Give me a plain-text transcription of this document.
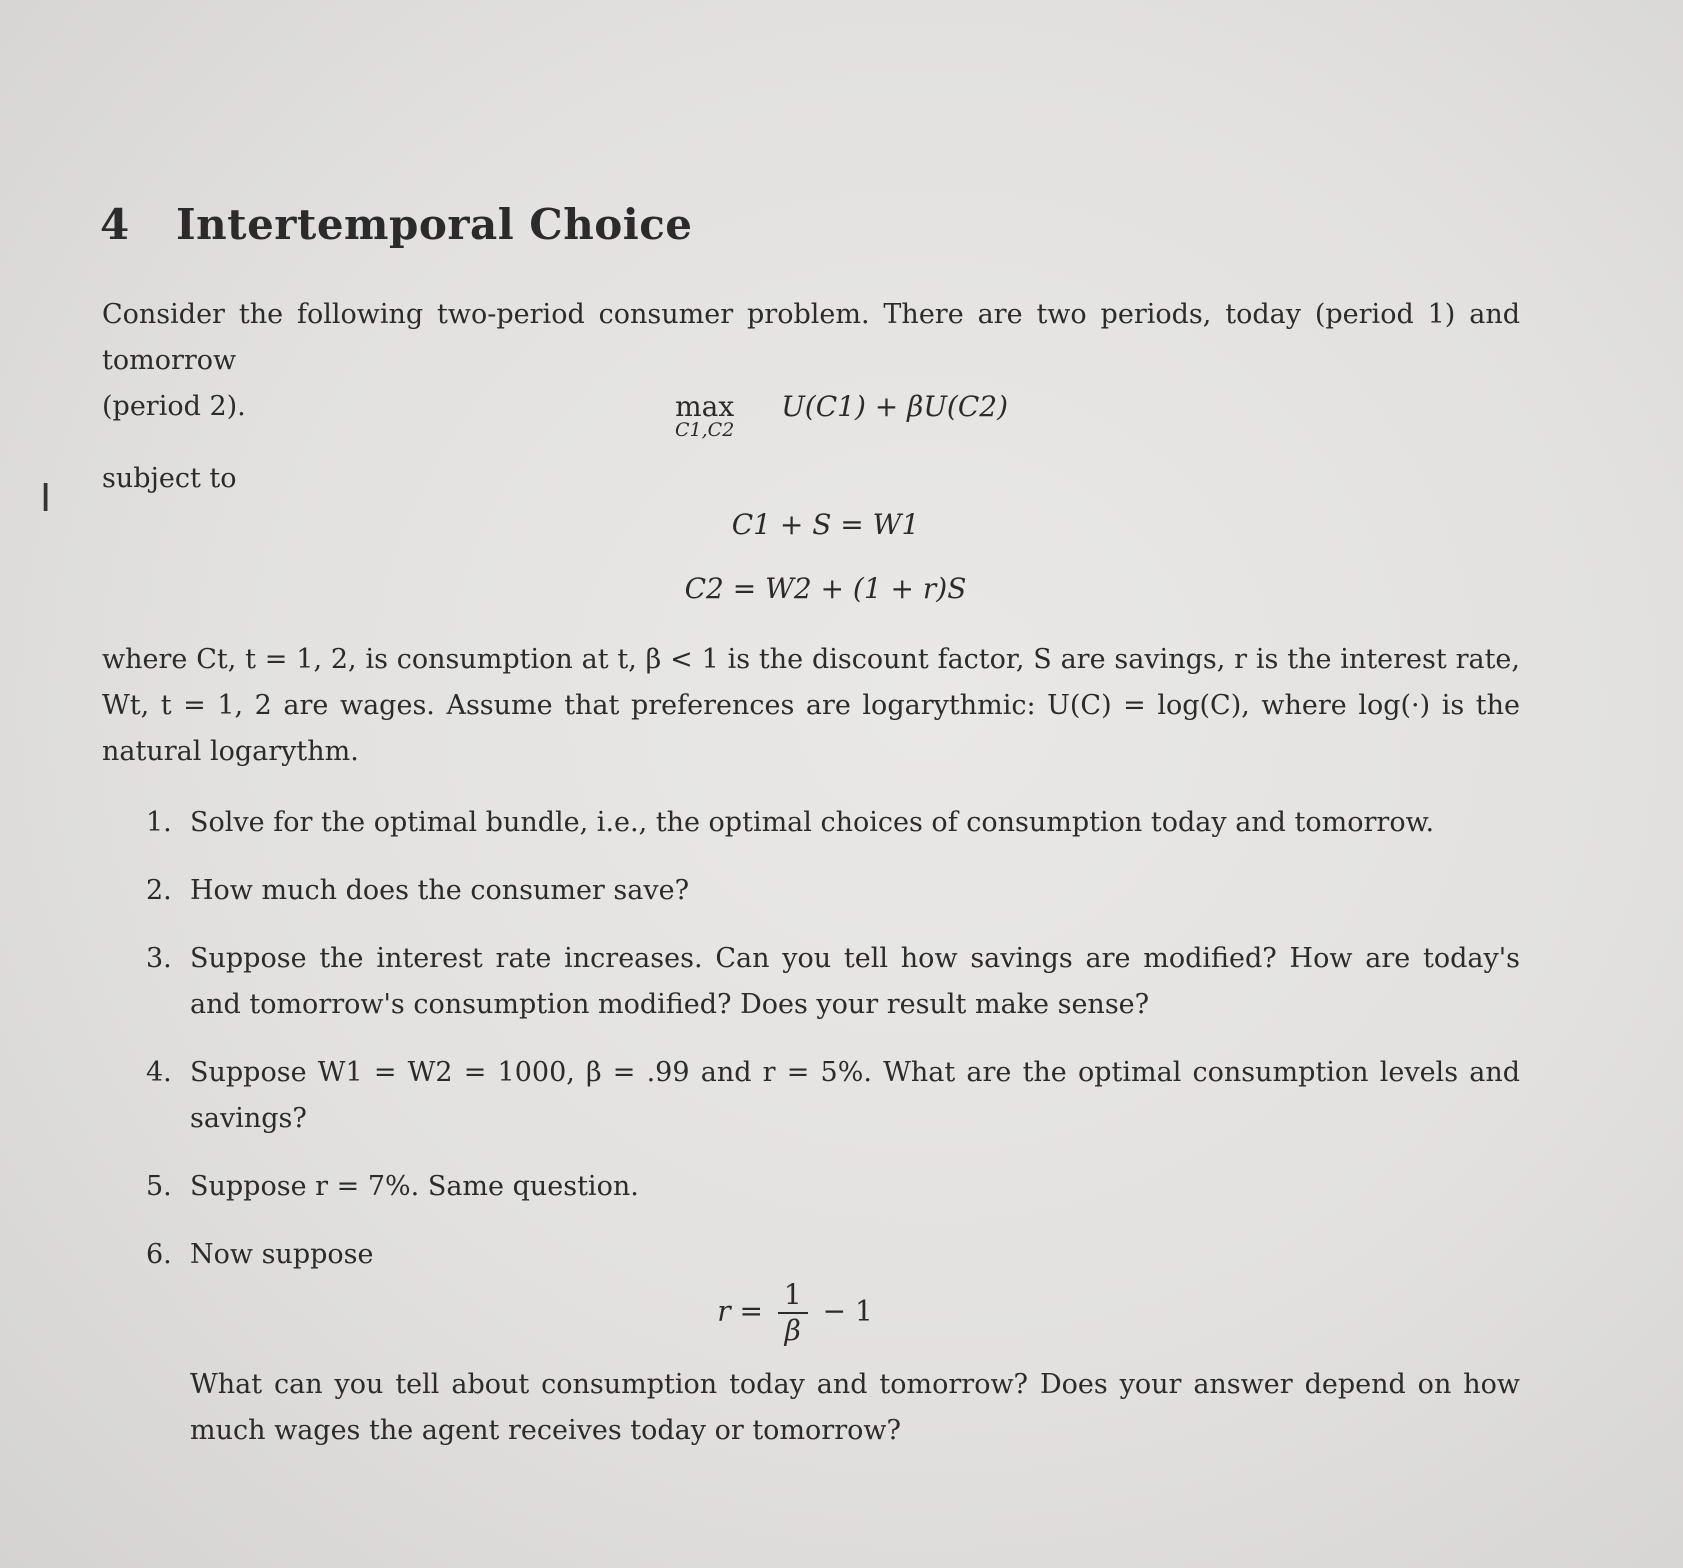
I
4 Intertemporal Choice
Consider the following two-period consumer problem. There are two periods, today (period 1) and tomorrow
(period 2).	max
C1,C2
U(C1) + βU(C2)
subject to
C1 + S = W1
C2 = W2 + (1 + r)S
where Ct, t = 1, 2, is consumption at t, β < 1 is the discount factor, S are savings, r is the interest rate, Wt, t = 1, 2 are wages. Assume that preferences are logarythmic: U(C) = log(C), where log(·) is the natural logarythm.
1. Solve for the optimal bundle, i.e., the optimal choices of consumption today and tomorrow.
2. How much does the consumer save?
3. Suppose the interest rate increases. Can you tell how savings are modified? How are today's and tomorrow's consumption modified? Does your result make sense?
4. Suppose W1 = W2 = 1000, β = .99 and r = 5%. What are the optimal consumption levels and savings?
5. Suppose r = 7%. Same question.
6. Now suppose
$r = \frac{1}{\beta} - 1$
What can you tell about consumption today and tomorrow? Does your answer depend on how much wages the agent receives today or tomorrow?
